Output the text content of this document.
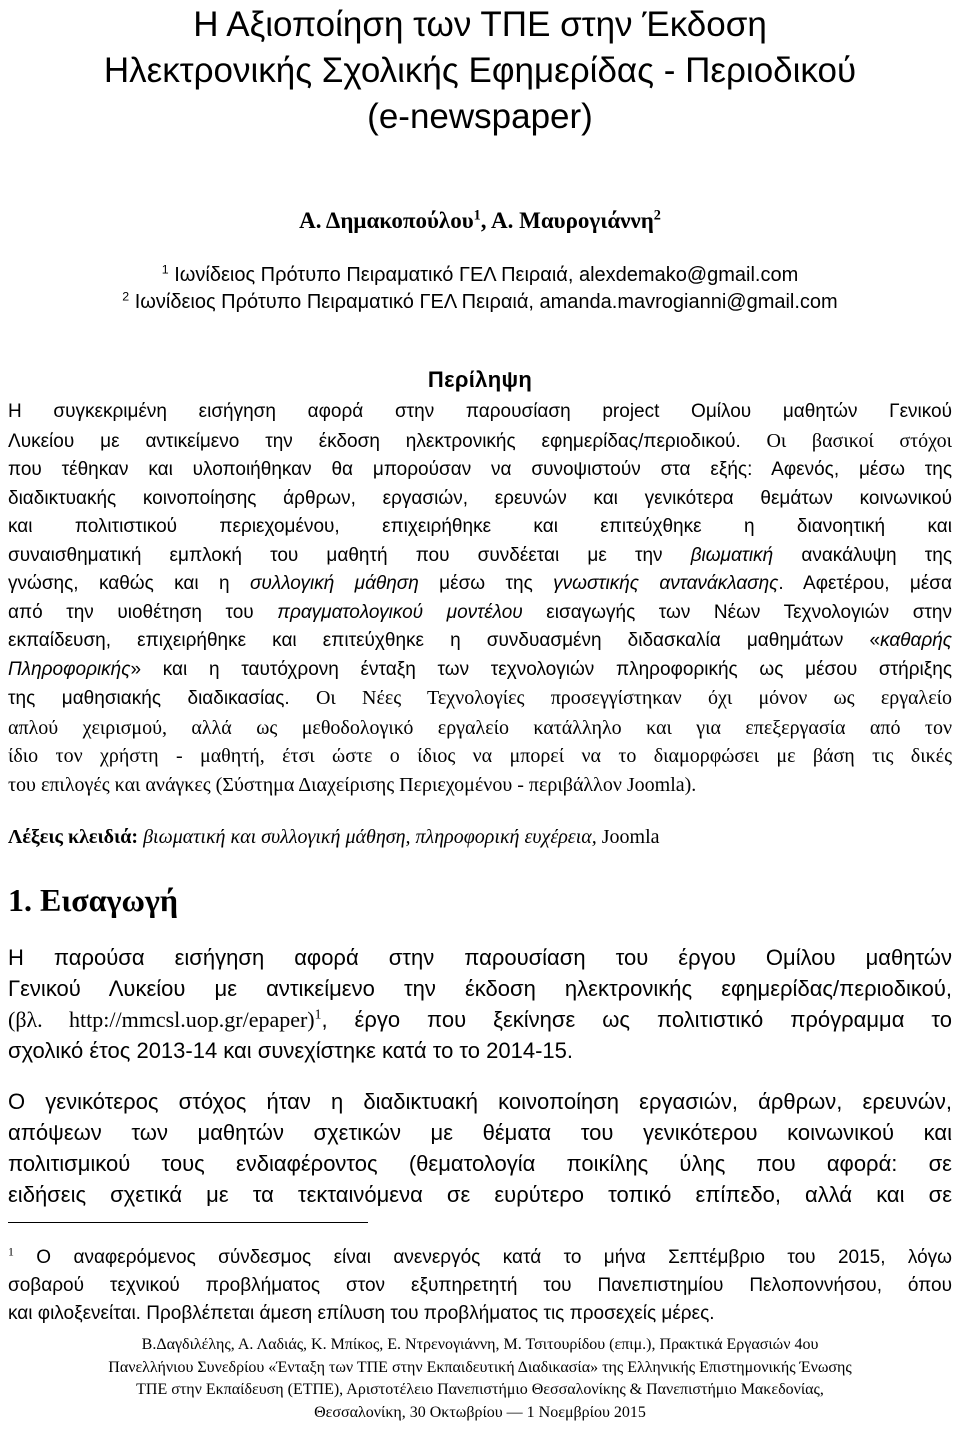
Η Αξιοποίηση των ΤΠΕ στην Έκδοση
Ηλεκτρονικής Σχολικής Εφημερίδας - Περιοδικού
(e-newspaper)
Α. Δημακοπούλου$^1$, Α. Μαυρογιάννη$^2$
$^1$ Ιωνίδειος Πρότυπο Πειραματικό ΓΕΛ Πειραιά, alexdemako@gmail.com
$^2$ Ιωνίδειος Πρότυπο Πειραματικό ΓΕΛ Πειραιά, amanda.mavrogianni@gmail.com
Περίληψη
Η συγκεκριμένη εισήγηση αφορά στην παρουσίαση project Ομίλου μαθητών Γενικού
Λυκείου με αντικείμενο την έκδοση ηλεκτρονικής εφημερίδας/περιοδικού. Οι βασικοί στόχοι
που τέθηκαν και υλοποιήθηκαν θα μπορούσαν να συνοψιστούν στα εξής: Αφενός, μέσω της
διαδικτυακής κοινοποίησης άρθρων, εργασιών, ερευνών και γενικότερα θεμάτων κοινωνικού
και πολιτιστικού περιεχομένου, επιχειρήθηκε και επιτεύχθηκε η διανοητική και
συναισθηματική εμπλοκή του μαθητή που συνδέεται με την βιωματική ανακάλυψη της
γνώσης, καθώς και η συλλογική μάθηση μέσω της γνωστικής αντανάκλασης. Αφετέρου, μέσα
από την υιοθέτηση του πραγματολογικού μοντέλου εισαγωγής των Νέων Τεχνολογιών στην
εκπαίδευση, επιχειρήθηκε και επιτεύχθηκε η συνδυασμένη διδασκαλία μαθημάτων «καθαρής
Πληροφορικής» και η ταυτόχρονη ένταξη των τεχνολογιών πληροφορικής ως μέσου στήριξης
της μαθησιακής διαδικασίας. Οι Νέες Τεχνολογίες προσεγγίστηκαν όχι μόνον ως εργαλείο
απλού χειρισμού, αλλά ως μεθοδολογικό εργαλείο κατάλληλο και για επεξεργασία από τον
ίδιο τον χρήστη - μαθητή, έτσι ώστε ο ίδιος να μπορεί να το διαμορφώσει με βάση τις δικές
του επιλογές και ανάγκες (Σύστημα Διαχείρισης Περιεχομένου - περιβάλλον Joomla).
Λέξεις κλειδιά: βιωματική και συλλογική μάθηση, πληροφορική ευχέρεια, Joomla
1. Εισαγωγή
Η παρούσα εισήγηση αφορά στην παρουσίαση του έργου Ομίλου μαθητών
Γενικού Λυκείου με αντικείμενο την έκδοση ηλεκτρονικής εφημερίδας/περιοδικού,
(βλ. http://mmcsl.uop.gr/epaper)$^1$, έργο που ξεκίνησε ως πολιτιστικό πρόγραμμα το
σχολικό έτος 2013-14 και συνεχίστηκε κατά το το 2014-15.
Ο γενικότερος στόχος ήταν η διαδικτυακή κοινοποίηση εργασιών, άρθρων, ερευνών,
απόψεων των μαθητών σχετικών με θέματα του γενικότερου κοινωνικού και
πολιτισμικού τους ενδιαφέροντος (θεματολογία ποικίλης ύλης που αφορά: σε
ειδήσεις σχετικά με τα τεκταινόμενα σε ευρύτερο τοπικό επίπεδο, αλλά και σε
$^1$ Ο αναφερόμενος σύνδεσμος είναι ανενεργός κατά το μήνα Σεπτέμβριο του 2015, λόγω
σοβαρού τεχνικού προβλήματος στον εξυπηρετητή του Πανεπιστημίου Πελοποννήσου, όπου
και φιλοξενείται. Προβλέπεται άμεση επίλυση του προβλήματος τις προσεχείς μέρες.
Β.Δαγδιλέλης, Α. Λαδιάς, Κ. Μπίκος, Ε. Ντρενογιάννη, Μ. Τσιτουρίδου (επιμ.), Πρακτικά Εργασιών 4ου
Πανελλήνιου Συνεδρίου «Ένταξη των ΤΠΕ στην Εκπαιδευτική Διαδικασία» της Ελληνικής Επιστημονικής Ένωσης
ΤΠΕ στην Εκπαίδευση (ΕΤΠΕ), Αριστοτέλειο Πανεπιστήμιο Θεσσαλονίκης & Πανεπιστήμιο Μακεδονίας,
Θεσσαλονίκη, 30 Οκτωβρίου — 1 Νοεμβρίου 2015
